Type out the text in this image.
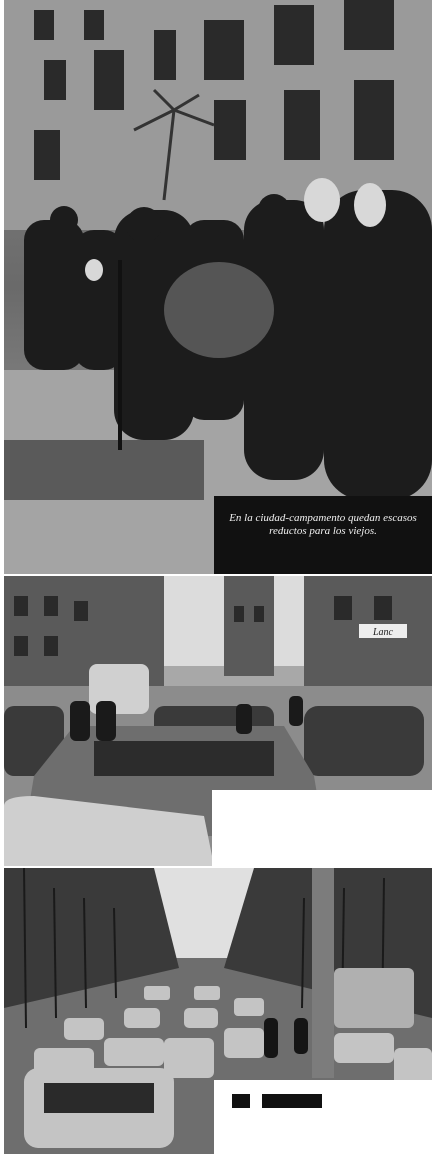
En la ciudad-campamento quedan escasos reductos para los viejos.
Lanc
